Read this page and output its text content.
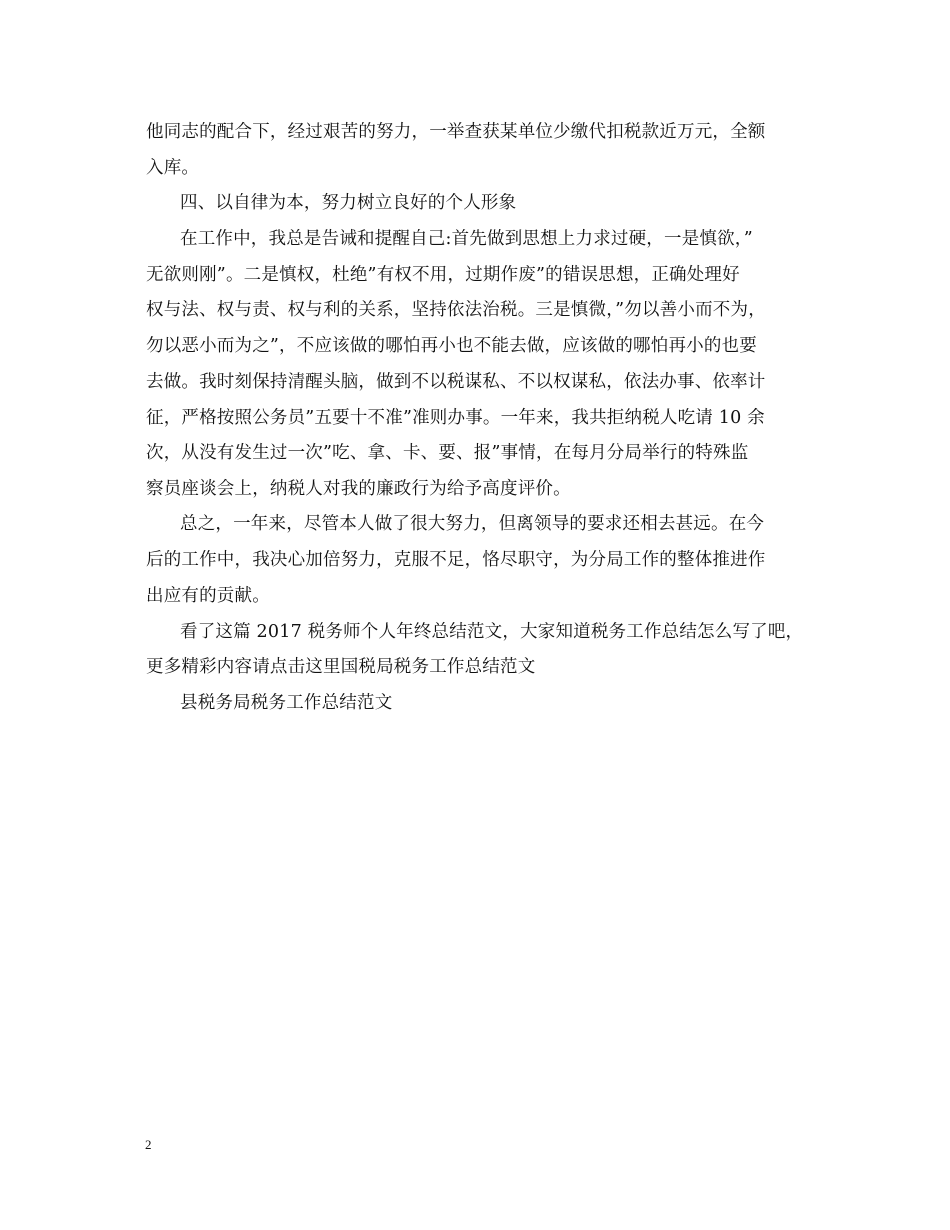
他同志的配合下，经过艰苦的努力，一举查获某单位少缴代扣税款近万元，全额
入库。
四、以自律为本，努力树立良好的个人形象
在工作中，我总是告诫和提醒自己:首先做到思想上力求过硬，一是慎欲，”
无欲则刚”。二是慎权，杜绝”有权不用，过期作废”的错误思想，正确处理好
权与法、权与责、权与利的关系，坚持依法治税。三是慎微，”勿以善小而不为，
勿以恶小而为之”，不应该做的哪怕再小也不能去做，应该做的哪怕再小的也要
去做。我时刻保持清醒头脑，做到不以税谋私、不以权谋私，依法办事、依率计
征，严格按照公务员”五要十不准”准则办事。一年来，我共拒纳税人吃请 10 余
次，从没有发生过一次”吃、拿、卡、要、报”事情，在每月分局举行的特殊监
察员座谈会上，纳税人对我的廉政行为给予高度评价。
总之，一年来，尽管本人做了很大努力，但离领导的要求还相去甚远。在今
后的工作中，我决心加倍努力，克服不足，恪尽职守，为分局工作的整体推进作
出应有的贡献。
看了这篇 2017 税务师个人年终总结范文，大家知道税务工作总结怎么写了吧，
更多精彩内容请点击这里国税局税务工作总结范文
县税务局税务工作总结范文
2
